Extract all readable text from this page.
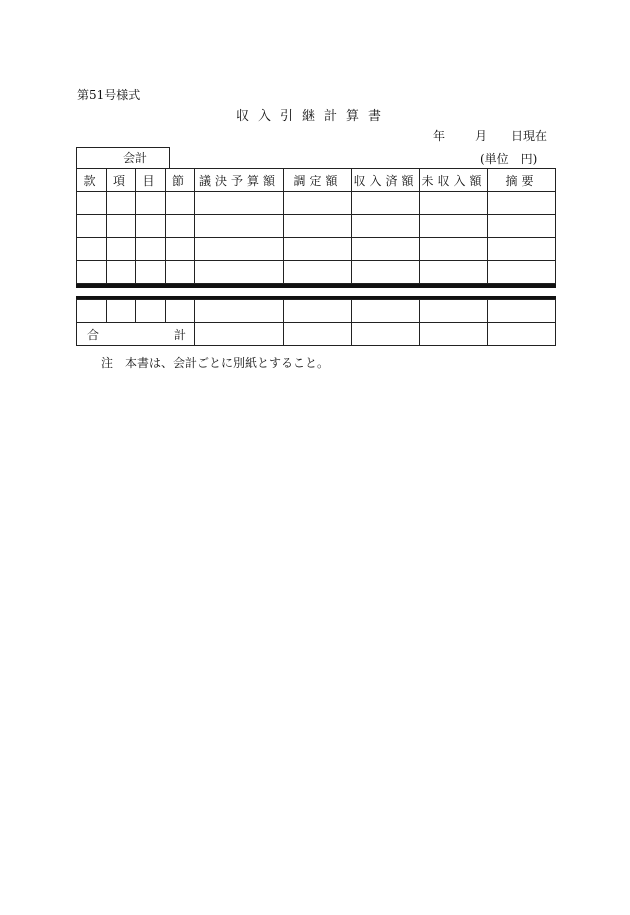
第51号様式
収入引継計算書
年	月 日現在
会計	(単位　円)
款	項	目	節	議決予算額	調定額	収入済額	未収入額	摘要

合 計								

注　本書は、会計ごとに別紙とすること。
